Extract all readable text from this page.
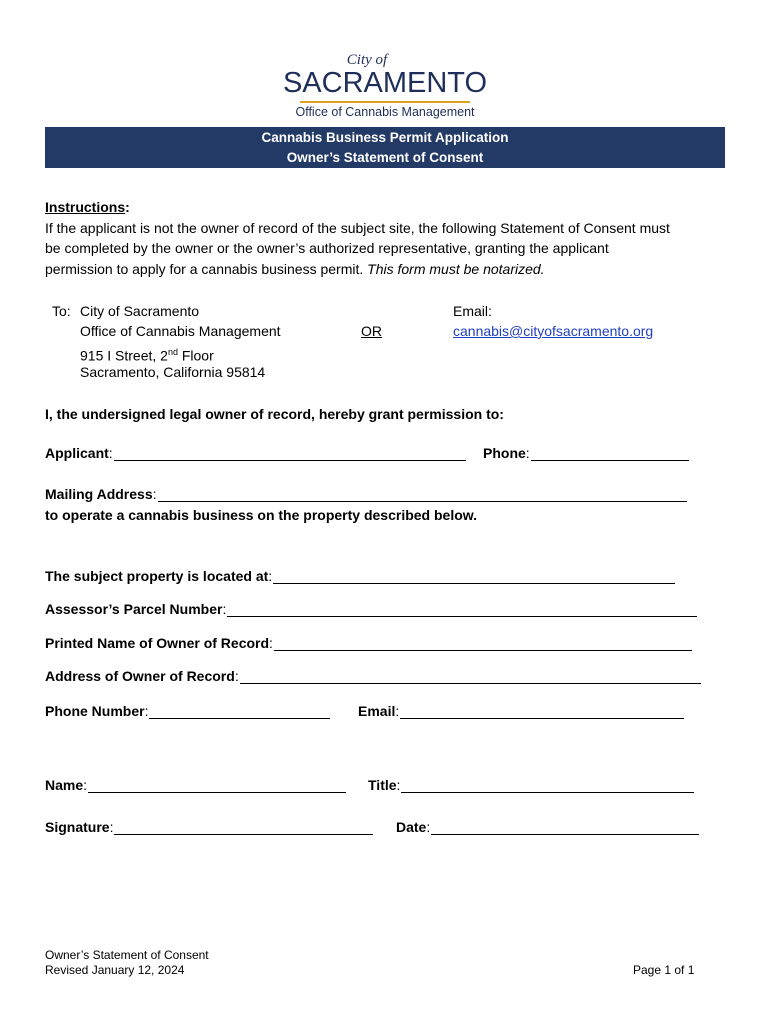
City of
SACRAMENTO
Office of Cannabis Management
Cannabis Business Permit Application
Owner’s Statement of Consent
Instructions:
If the applicant is not the owner of record of the subject site, the following Statement of Consent must
be completed by the owner or the owner’s authorized representative, granting the applicant
permission to apply for a cannabis business permit. This form must be notarized.
To: City of Sacramento
Office of Cannabis Management
915 I Street, 2nd Floor
Sacramento, California 95814
OR
Email:
cannabis@cityofsacramento.org
I, the undersigned legal owner of record, hereby grant permission to:
Applicant :	Phone :
Mailing Address :
to operate a cannabis business on the property described below.
The subject property is located at :
Assessor’s Parcel Number :
Printed Name of Owner of Record :
Address of Owner of Record :
Phone Number :	Email :
Name :	Title :
Signature :	Date :
Owner’s Statement of Consent
Revised January 12, 2024	Page 1 of 1
